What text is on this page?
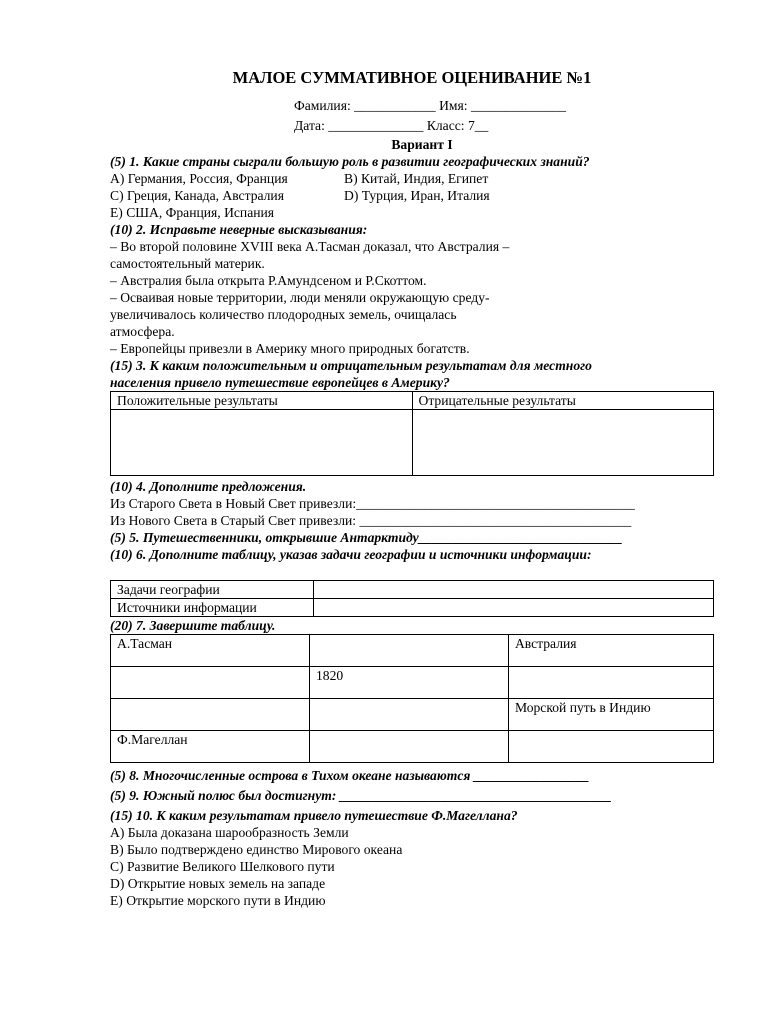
МАЛОЕ СУММАТИВНОЕ ОЦЕНИВАНИЕ №1
Фамилия: ____________ Имя: ______________
Дата: ______________ Класс: 7__
Вариант I
(5) 1. Какие страны сыграли большую роль в развитии географических знаний?
А) Германия, Россия, Франция	В) Китай, Индия, Египет
С) Греция, Канада, Австралия	D) Турция, Иран, Италия
Е) США, Франция, Испания
(10) 2. Исправьте неверные высказывания:
– Во второй половине XVIII века А.Тасман доказал, что Австралия –
самостоятельный материк.
– Австралия была открыта Р.Амундсеном и Р.Скоттом.
– Осваивая новые территории, люди меняли окружающую среду-
увеличивалось количество плодородных земель, очищалась
атмосфера.
– Европейцы привезли в Америку много природных богатств.
(15) 3. К каким положительным и отрицательным результатам для местного
населения привело путешествие европейцев в Америку?
Положительные результаты	Отрицательные результаты

(10) 4. Дополните предложения.
Из Старого Света в Новый Свет привезли:_________________________________________
Из Нового Света в Старый Свет привезли: ________________________________________
(5) 5. Путешественники, открывшие Антарктиду______________________________
(10) 6. Дополните таблицу, указав задачи географии и источники информации:
Задачи географии	
Источники информации	
(20) 7. Завершите таблицу.
А.Тасман		Австралия
	1820	
		Морской путь в Индию
Ф.Магеллан		
(5) 8. Многочисленные острова в Тихом океане называются _________________
(5) 9. Южный полюс был достигнут: ________________________________________
(15) 10. К каким результатам привело путешествие Ф.Магеллана?
А) Была доказана шарообразность Земли
В) Было подтверждено единство Мирового океана
С) Развитие Великого Шелкового пути
D) Открытие новых земель на западе
Е) Открытие морского пути в Индию
